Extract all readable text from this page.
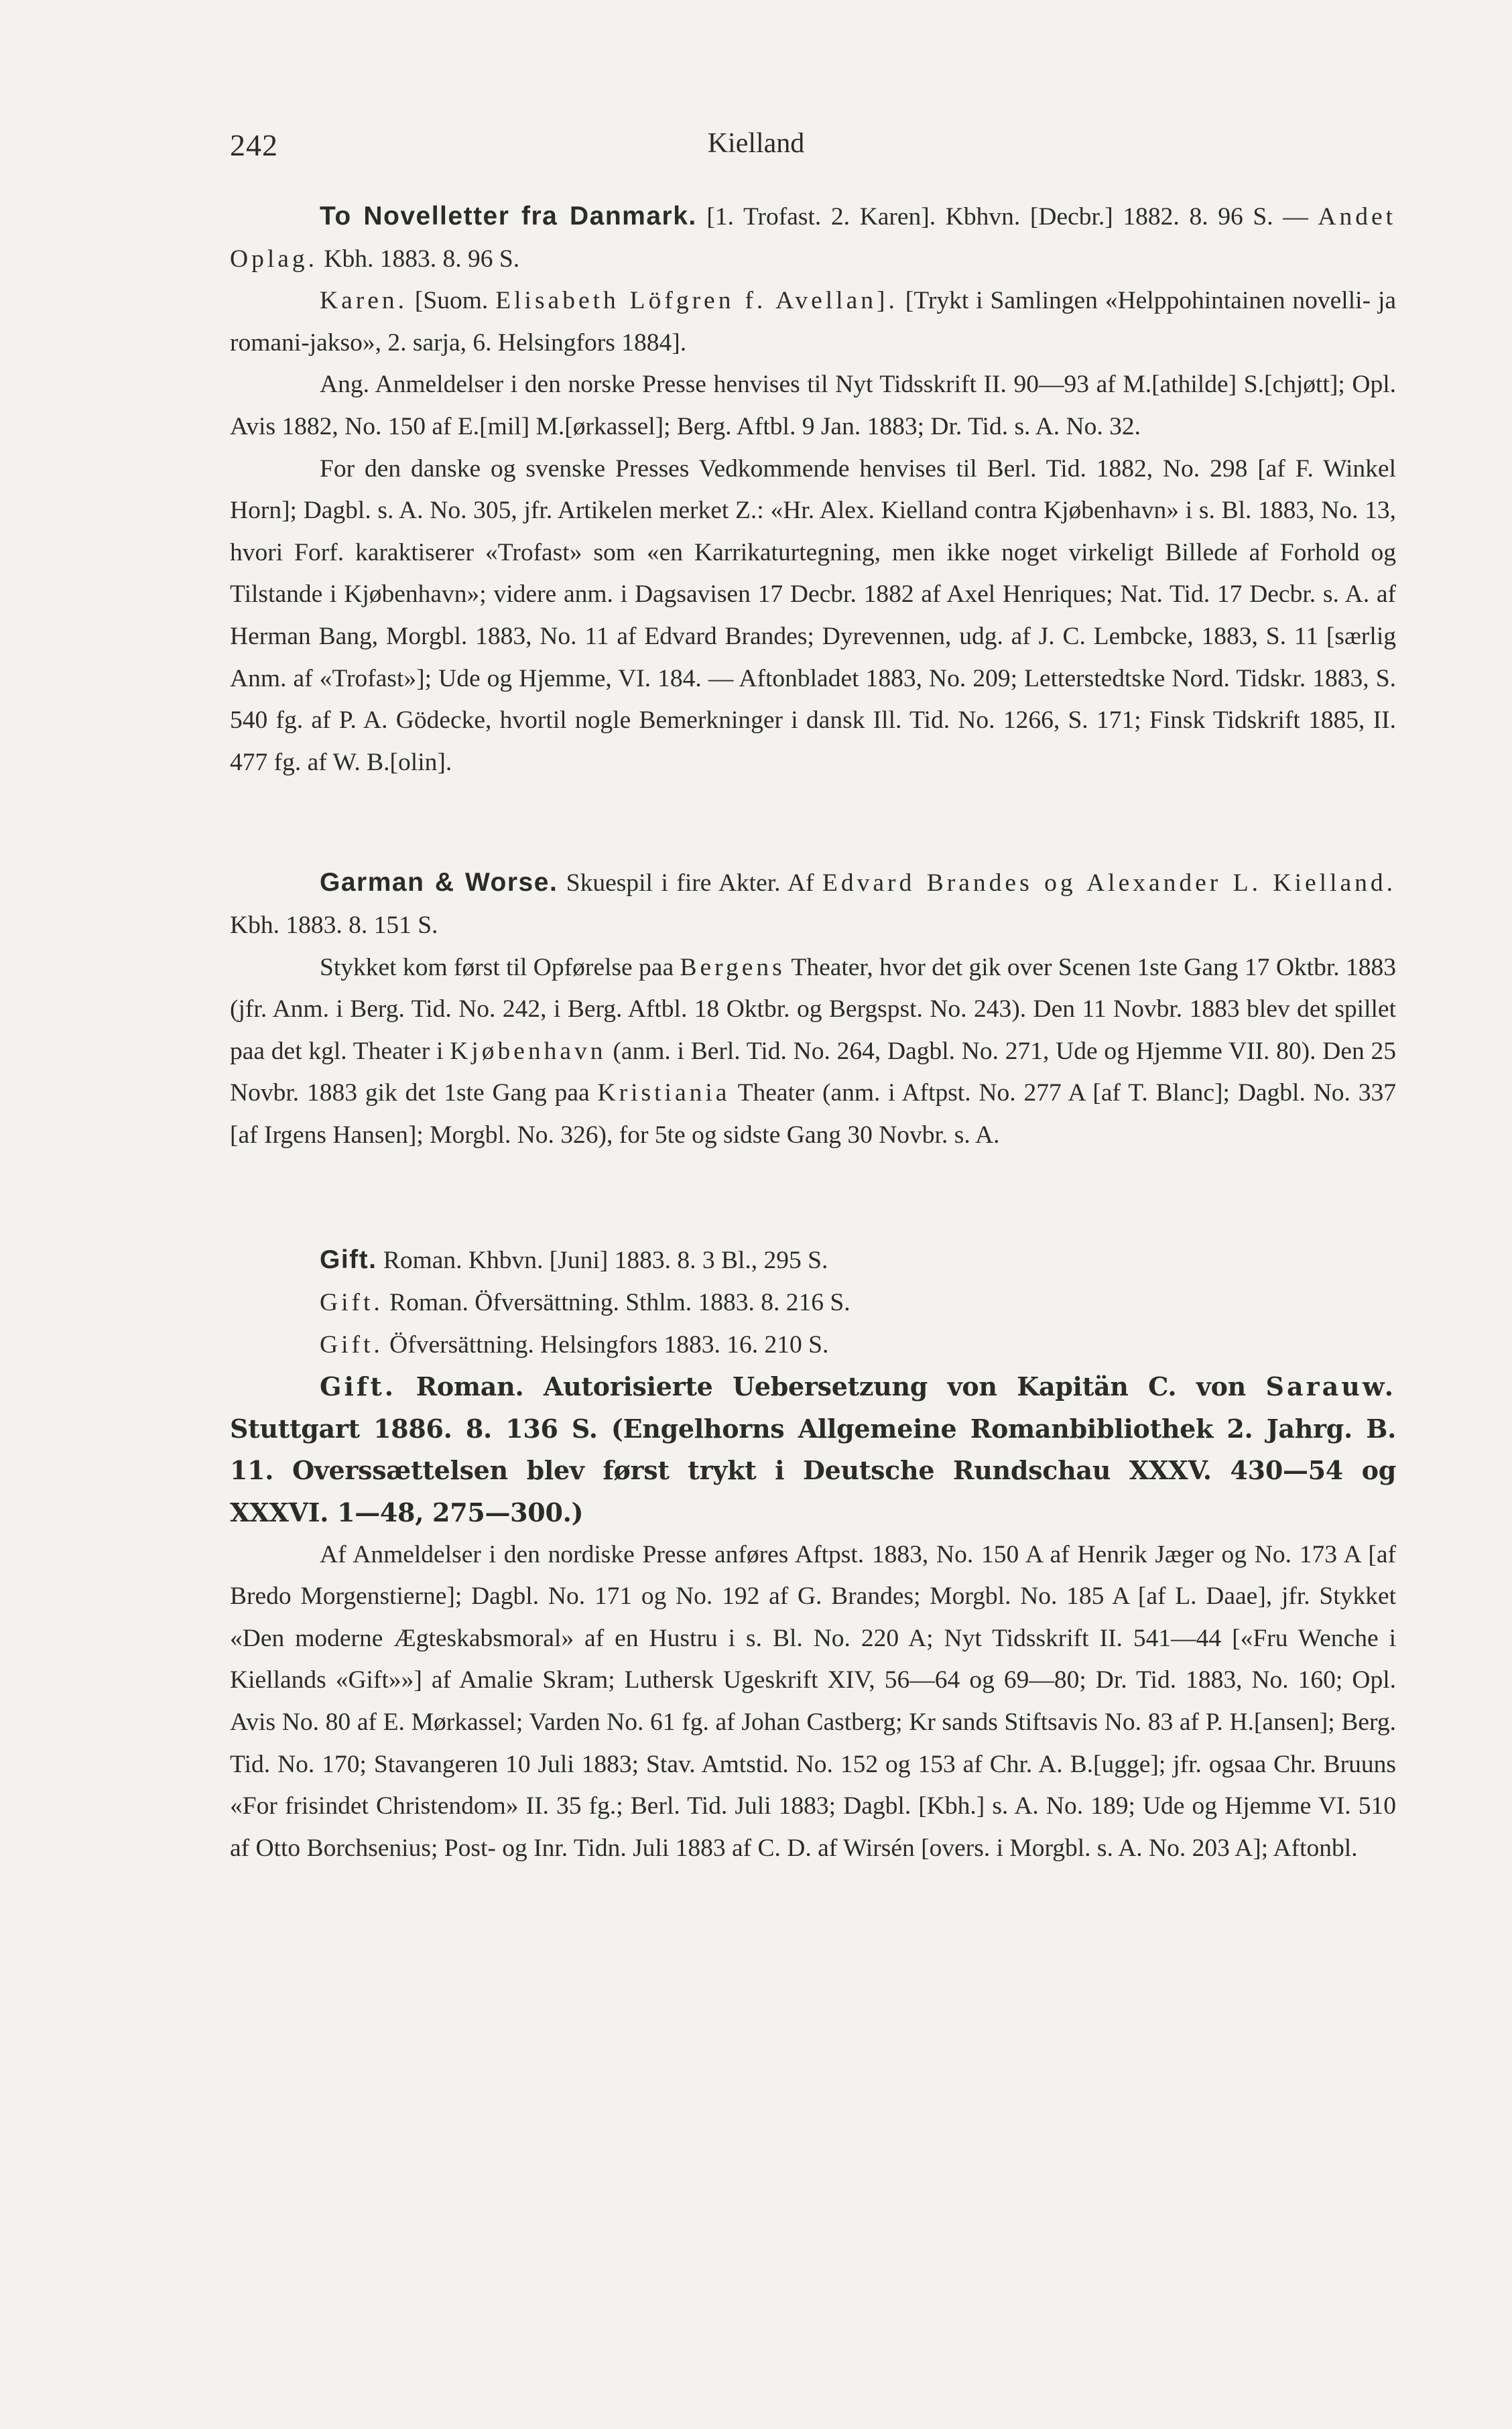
242	Kielland

To Novelletter fra Danmark. [1. Trofast. 2. Karen]. Kbhvn. [Decbr.] 1882. 8. 96 S. — Andet Oplag. Kbh. 1883. 8. 96 S.

Karen. [Suom. Elisabeth Löfgren f. Avellan]. [Trykt i Samlingen «Helppohintainen novelli- ja romani-jakso», 2. sarja, 6. Helsingfors 1884].

Ang. Anmeldelser i den norske Presse henvises til Nyt Tidsskrift II. 90—93 af M.[athilde] S.[chjøtt]; Opl. Avis 1882, No. 150 af E.[mil] M.[ørkassel]; Berg. Aftbl. 9 Jan. 1883; Dr. Tid. s. A. No. 32.

For den danske og svenske Presses Vedkommende henvises til Berl. Tid. 1882, No. 298 [af F. Winkel Horn]; Dagbl. s. A. No. 305, jfr. Artikelen merket Z.: «Hr. Alex. Kielland contra Kjøbenhavn» i s. Bl. 1883, No. 13, hvori Forf. karaktiserer «Trofast» som «en Karrikaturtegning, men ikke noget virkeligt Billede af Forhold og Tilstande i Kjøbenhavn»; videre anm. i Dagsavisen 17 Decbr. 1882 af Axel Henriques; Nat. Tid. 17 Decbr. s. A. af Herman Bang, Morgbl. 1883, No. 11 af Edvard Brandes; Dyrevennen, udg. af J. C. Lembcke, 1883, S. 11 [særlig Anm. af «Trofast»]; Ude og Hjemme, VI. 184. — Aftonbladet 1883, No. 209; Letterstedtske Nord. Tidskr. 1883, S. 540 fg. af P. A. Gödecke, hvortil nogle Bemerkninger i dansk Ill. Tid. No. 1266, S. 171; Finsk Tidskrift 1885, II. 477 fg. af W. B.[olin].

Garman & Worse. Skuespil i fire Akter. Af Edvard Brandes og Alexander L. Kielland. Kbh. 1883. 8. 151 S.

Stykket kom først til Opførelse paa Bergens Theater, hvor det gik over Scenen 1ste Gang 17 Oktbr. 1883 (jfr. Anm. i Berg. Tid. No. 242, i Berg. Aftbl. 18 Oktbr. og Bergspst. No. 243). Den 11 Novbr. 1883 blev det spillet paa det kgl. Theater i Kjøbenhavn (anm. i Berl. Tid. No. 264, Dagbl. No. 271, Ude og Hjemme VII. 80). Den 25 Novbr. 1883 gik det 1ste Gang paa Kristiania Theater (anm. i Aftpst. No. 277 A [af T. Blanc]; Dagbl. No. 337 [af Irgens Hansen]; Morgbl. No. 326), for 5te og sidste Gang 30 Novbr. s. A.

Gift. Roman. Khbvn. [Juni] 1883. 8. 3 Bl., 295 S.

Gift. Roman. Öfversättning. Sthlm. 1883. 8. 216 S.

Gift. Öfversättning. Helsingfors 1883. 16. 210 S.

Gift. Roman. Autorisierte Uebersetzung von Kapitän C. von Sarauw. Stuttgart 1886. 8. 136 S. (Engelhorns Allgemeine Romanbibliothek 2. Jahrg. B. 11. Overssættelsen blev først trykt i Deutsche Rundschau XXXV. 430—54 og XXXVI. 1—48, 275—300.)

Af Anmeldelser i den nordiske Presse anføres Aftpst. 1883, No. 150 A af Henrik Jæger og No. 173 A [af Bredo Morgenstierne]; Dagbl. No. 171 og No. 192 af G. Brandes; Morgbl. No. 185 A [af L. Daae], jfr. Stykket «Den moderne Ægteskabsmoral» af en Hustru i s. Bl. No. 220 A; Nyt Tidsskrift II. 541—44 [«Fru Wenche i Kiellands «Gift»»] af Amalie Skram; Luthersk Ugeskrift XIV, 56—64 og 69—80; Dr. Tid. 1883, No. 160; Opl. Avis No. 80 af E. Mørkassel; Varden No. 61 fg. af Johan Castberg; Kr sands Stiftsavis No. 83 af P. H.[ansen]; Berg. Tid. No. 170; Stavangeren 10 Juli 1883; Stav. Amtstid. No. 152 og 153 af Chr. A. B.[ugge]; jfr. ogsaa Chr. Bruuns «For frisindet Christendom» II. 35 fg.; Berl. Tid. Juli 1883; Dagbl. [Kbh.] s. A. No. 189; Ude og Hjemme VI. 510 af Otto Borchsenius; Post- og Inr. Tidn. Juli 1883 af C. D. af Wirsén [overs. i Morgbl. s. A. No. 203 A]; Aftonbl.
